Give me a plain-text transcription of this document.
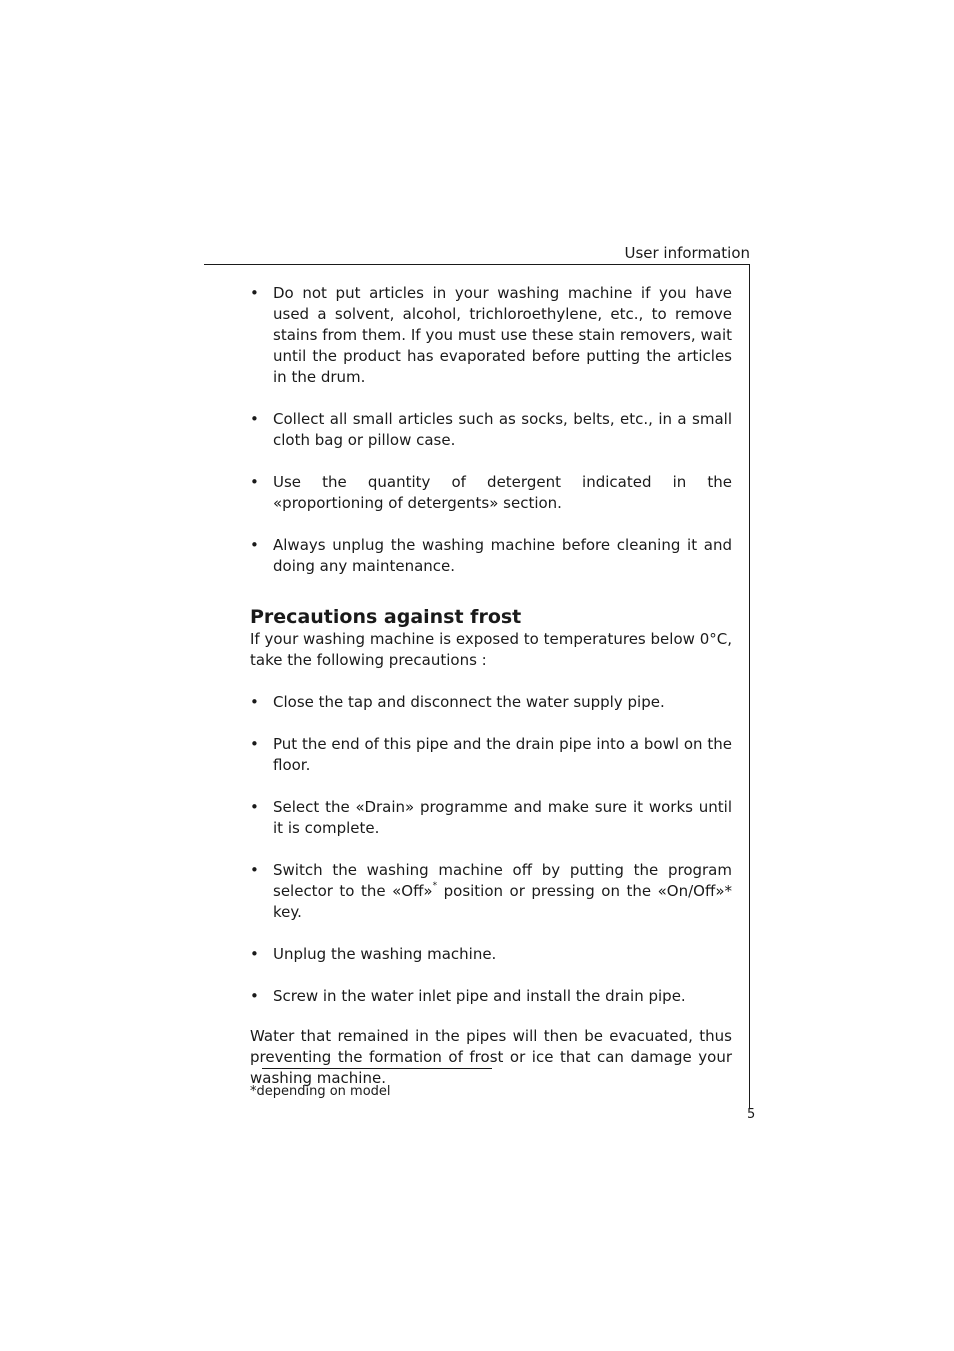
User information
• Do not put articles in your washing machine if you have used a solvent, alcohol, trichloroethylene, etc., to remove stains from them. If you must use these stain removers, wait until the product has evaporated before putting the articles in the drum.
• Collect all small articles such as socks, belts, etc., in a small cloth bag or pillow case.
• Use the quantity of detergent indicated in the «proportioning of detergents» section.
• Always unplug the washing machine before cleaning it and doing any maintenance.
Precautions against frost

If your washing machine is exposed to temperatures below 0°C, take the following precautions :

• Close the tap and disconnect the water supply pipe.
• Put the end of this pipe and the drain pipe into a bowl on the floor.
• Select the «Drain» programme and make sure it works until it is complete.
• Switch the washing machine off by putting the program selector to the «Off»* position or pressing on the «On/Off»* key.
• Unplug the washing machine.
• Screw in the water inlet pipe and install the drain pipe.

Water that remained in the pipes will then be evacuated, thus preventing the formation of frost or ice that can damage your washing machine.

*depending on model
5
